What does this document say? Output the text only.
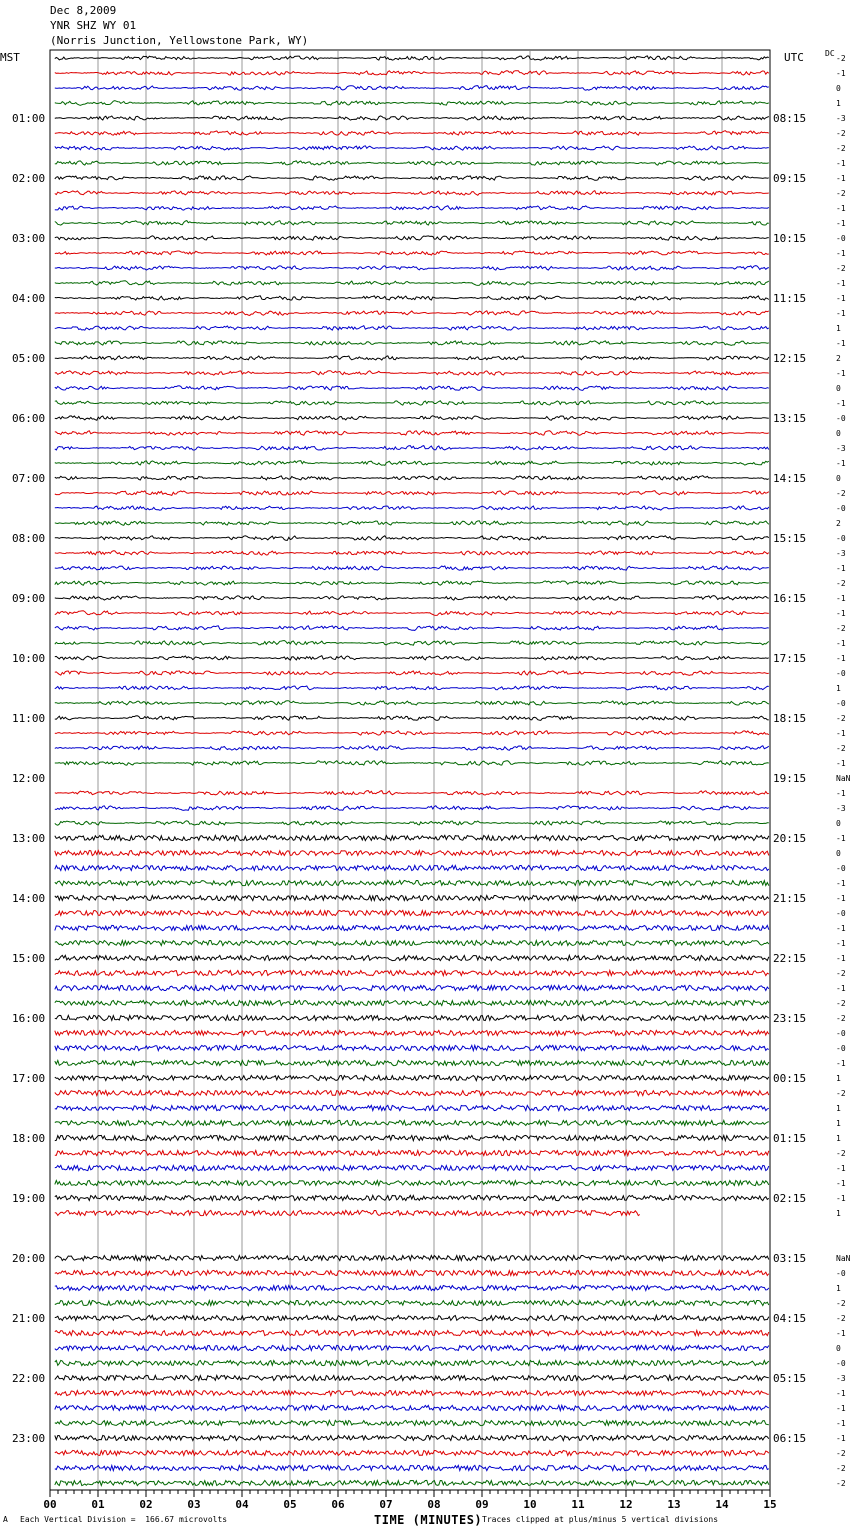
Dec 8,2009
YNR SHZ WY 01
(Norris Junction, Yellowstone Park, WY)
00	01	02	03	04	05	06	07	08	09	10	11	12	13	14	15
MST	UTC	DC
-2
-1
0
1
01:00	08:15	-3
-2
-2
-1
02:00	09:15	-1
-2
-1
-1
03:00	10:15	-0
-1
-2
-1
04:00	11:15	-1
-1
1
-1
05:00	12:15	2
-1
0
-1
06:00	13:15	-0
0
-3
-1
07:00	14:15	0
-2
-0
2
08:00	15:15	-0
-3
-1
-2
09:00	16:15	-1
-1
-2
-1
10:00	17:15	-1
-0
1
-0
11:00	18:15	-2
-1
-2
-1
12:00	19:15	NaN
-1
-3
0
13:00	20:15	-1
0
-0
-1
14:00	21:15	-1
-0
-1
-1
15:00	22:15	-1
-2
-1
-2
16:00	23:15	-2
-0
-0
-1
17:00	00:15	1
-2
1
1
18:00	01:15	1
-2
-1
-1
19:00	02:15	-1
1
20:00	03:15	NaN
-0
1
-2
21:00	04:15	-2
-1
0
-0
22:00	05:15	-3
-1
-1
-1
23:00	06:15	-1
-2
-2
-2
A Each Vertical Division =  166.67 microvolts	TIME (MINUTES) Traces clipped at plus/minus 5 vertical divisions
